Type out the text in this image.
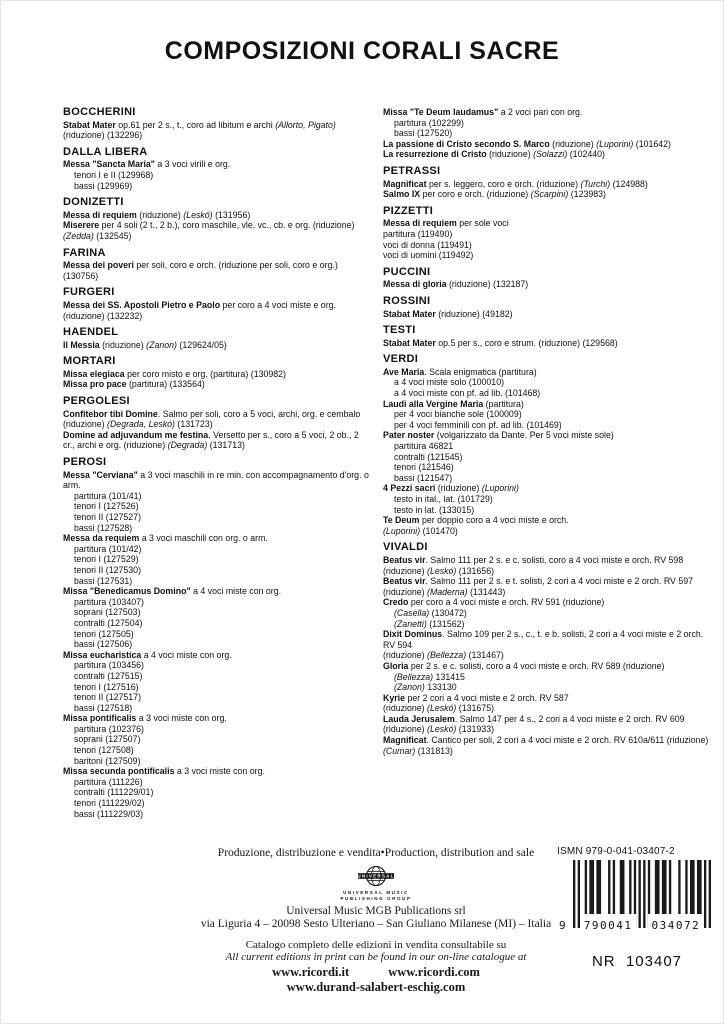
COMPOSIZIONI CORALI SACRE
BOCCHERINI
Stabat Mater op.61 per 2 s., t., coro ad libitum e archi (Allorto, Pigato) (riduzione) (132296)
DALLA LIBERA
Messa "Sancta Maria" a 3 voci virili e org.
tenori I e II (129968)
bassi (129969)
DONIZETTI
Messa di requiem (riduzione) (Leskó) (131956)
Miserere per 4 soli (2 t., 2 b.), coro maschile, vle, vc., cb. e org. (riduzione) (Zedda) (132545)
FARINA
Messa dei poveri per soli, coro e orch. (riduzione per soli, coro e org.) (130756)
FURGERI
Messa dei SS. Apostoli Pietro e Paolo per coro a 4 voci miste e org. (riduzione) (132232)
HAENDEL
Il Messia (riduzione) (Zanon) (129624/05)
MORTARI
Missa elegiaca per coro misto e org. (partitura) (130982)
Missa pro pace (partitura) (133564)
PERGOLESI
Confitebor tibi Domine. Salmo per soli, coro a 5 voci, archi, org. e cembalo (riduzione) (Degrada, Leskó) (131723)
Domine ad adjuvandum me festina. Versetto per s., coro a 5 voci, 2 ob., 2 cr., archi e org. (riduzione) (Degrada) (131713)
PEROSI
Messa "Cerviana" a 3 voci maschili in re min. con accompagnamento d'org. o arm.
partitura (101/41)
tenori I (127526)
tenori II (127527)
bassi (127528)
Messa da requiem a 3 voci maschili con org. o arm.
partitura (101/42)
tenori I (127529)
tenori II (127530)
bassi (127531)
Missa "Benedicamus Domino" a 4 voci miste con org.
partitura (103407)
soprani (127503)
contralti (127504)
tenori (127505)
bassi (127506)
Missa eucharistica a 4 voci miste con org.
partitura (103456)
contralti (127515)
tenori I (127516)
tenori II (127517)
bassi (127518)
Missa pontificalis a 3 voci miste con org.
partitura (102376)
soprani (127507)
tenori (127508)
baritoni (127509)
Missa secunda pontificalis a 3 voci miste con org.
partitura (111226)
contralti (111229/01)
tenori (111229/02)
bassi (111229/03)
Missa "Te Deum laudamus" a 2 voci pari con org.
partitura (102299)
bassi (127520)
La passione di Cristo secondo S. Marco (riduzione) (Luporini) (101642)
La resurrezione di Cristo (riduzione) (Solazzi) (102440)
PETRASSI
Magnificat per s. leggero, coro e orch. (riduzione) (Turchi) (124988)
Salmo IX per coro e orch. (riduzione) (Scarpini) (123983)
PIZZETTI
Messa di requiem per sole voci
partitura (119490)
voci di donna (119491)
voci di uomini (119492)
PUCCINI
Messa di gloria (riduzione) (132187)
ROSSINI
Stabat Mater (riduzione) (49182)
TESTI
Stabat Mater op.5 per s., coro e strum. (riduzione) (129568)
VERDI
Ave Maria. Scala enigmatica (partitura)
a 4 voci miste solo (100010)
a 4 voci miste con pf. ad lib. (101468)
Laudi alla Vergine Maria (partitura)
per 4 voci bianche sole (100009)
per 4 voci femminili con pf. ad lib. (101469)
Pater noster (volgarizzato da Dante. Per 5 voci miste sole)
partitura 46821
contralti (121545)
tenori (121546)
bassi (121547)
4 Pezzi sacri (riduzione) (Luporini)
testo in ital., lat. (101729)
testo in lat. (133015)
Te Deum per doppio coro a 4 voci miste e orch.
(Luporini) (101470)
VIVALDI
Beatus vir. Salmo 111 per 2 s. e c. solisti, coro a 4 voci miste e orch. RV 598 (riduzione) (Leskó) (131656)
Beatus vir. Salmo 111 per 2 s. e t. solisti, 2 cori a 4 voci miste e 2 orch. RV 597 (riduzione) (Maderna) (131443)
Credo per coro a 4 voci miste e orch. RV 591 (riduzione)
(Casella) (130472)
(Zanetti) (131562)
Dixit Dominus. Salmo 109 per 2 s., c., t. e b. solisti, 2 cori a 4 voci miste e 2 orch. RV 594
(riduzione) (Bellezza) (131467)
Gloria per 2 s. e c. solisti, coro a 4 voci miste e orch. RV 589 (riduzione)
(Bellezza) 131415
(Zanon) 133130
Kyrie per 2 cori a 4 voci miste e 2 orch. RV 587
(riduzione) (Leskó) (131675)
Lauda Jerusalem. Salmo 147 per 4 s., 2 cori a 4 voci miste e 2 orch. RV 609
(riduzione) (Leskó) (131933)
Magnificat. Cantico per soli, 2 cori a 4 voci miste e 2 orch. RV 610a/611 (riduzione)
(Cumar) (131813)
Produzione, distribuzione e vendita•Production, distribution and sale
UNIVERSAL
UNIVERSAL MUSIC
PUBLISHING GROUP
Universal Music MGB Publications srl
via Liguria 4 – 20098 Sesto Ulteriano – San Giuliano Milanese (MI) – Italia
Catalogo completo delle edizioni in vendita consultabile su
All current editions in print can be found in our on-line catalogue at
www.ricordi.it	www.ricordi.com
www.durand-salabert-eschig.com
ISMN 979-0-041-03407-2
9 790041 034072
NR  103407
